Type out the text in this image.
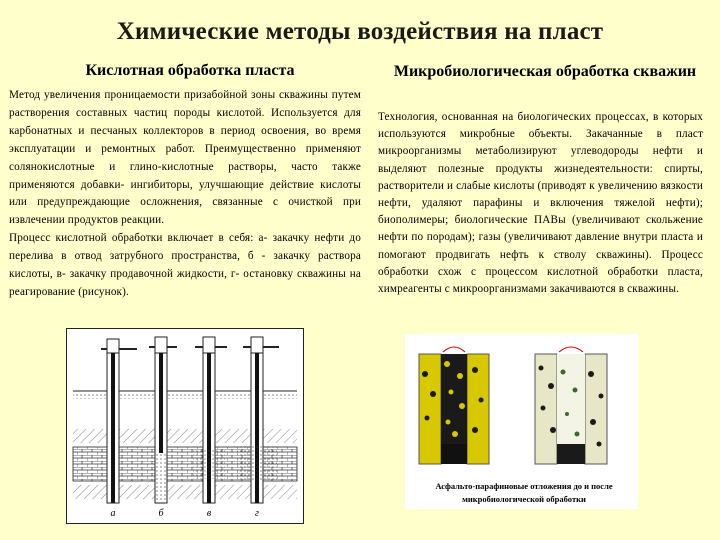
Химические методы воздействия на пласт
Кислотная обработка пласта	Микробиологическая обработка скважин

Метод увеличения проницаемости призабойной зоны скважины путем растворения составных частиц породы кислотой. Используется для карбонатных и песчаных коллекторов в период освоения, во время эксплуатации и ремонтных работ. Преимущественно применяют солянокислотные и глино-кислотные растворы, часто также применяются добавки- ингибиторы, улучшающие действие кислоты или предупреждающие осложнения, связанные с очисткой при извлечении продуктов реакции.

Процесс кислотной обработки включает в себя: а- закачку нефти до перелива в отвод затрубного пространства, б - закачку раствора кислоты, в- закачку продавочной жидкости, г- остановку скважины на реагирование (рисунок).

Технология, основанная на биологических процессах, в которых используются микробные объекты. Закачанные в пласт микроорганизмы метаболизируют углеводороды нефти и выделяют полезные продукты жизнедеятельности: спирты, растворители и слабые кислоты (приводят к увеличению вязкости нефти, удаляют парафины и включения тяжелой нефти); биополимеры; биологические ПАВы (увеличивают скольжение нефти по породам); газы (увеличивают давление внутри пласта и помогают продвигать нефть к стволу скважины). Процесс обработки схож с процессом кислотной обработки пласта, химреагенты с микроорганизмами закачиваются в скважины.

а	б	в	г
Асфальто-парафиновые отложения до и после микробиологической обработки
